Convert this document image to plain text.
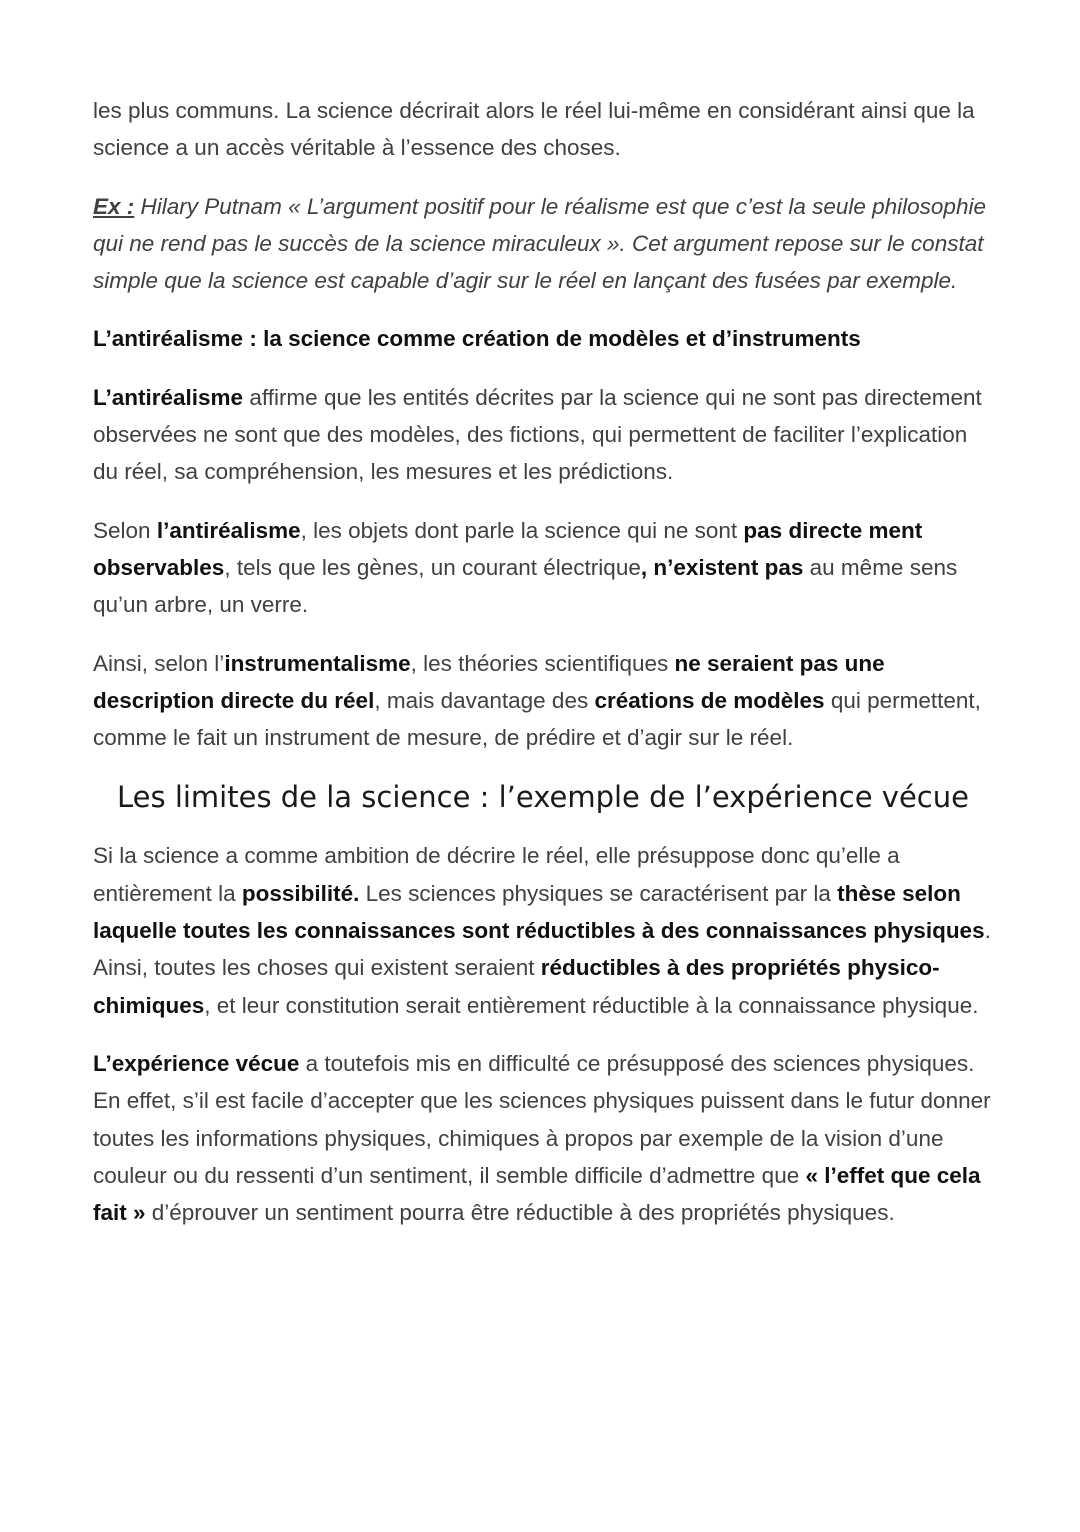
les plus communs. La science décrirait alors le réel lui-même en considérant ainsi que la science a un accès véritable à l’essence des choses.

Ex : Hilary Putnam « L’argument positif pour le réalisme est que c’est la seule philosophie qui ne rend pas le succès de la science miraculeux ». Cet argument repose sur le constat simple que la science est capable d’agir sur le réel en lançant des fusées par exemple.

L’antiréalisme : la science comme création de modèles et d’instruments

L’antiréalisme affirme que les entités décrites par la science qui ne sont pas directement observées ne sont que des modèles, des fictions, qui permettent de faciliter l’explication du réel, sa compréhension, les mesures et les prédictions.

Selon l’antiréalisme, les objets dont parle la science qui ne sont pas directe ment observables, tels que les gènes, un courant électrique, n’existent pas au même sens qu’un arbre, un verre.

Ainsi, selon l’instrumentalisme, les théories scientifiques ne seraient pas une description directe du réel, mais davantage des créations de modèles qui permettent, comme le fait un instrument de mesure, de prédire et d’agir sur le réel.

Les limites de la science : l’exemple de l’expérience vécue

Si la science a comme ambition de décrire le réel, elle présuppose donc qu’elle a entièrement la possibilité. Les sciences physiques se caractérisent par la thèse selon laquelle toutes les connaissances sont réductibles à des connaissances physiques. Ainsi, toutes les choses qui existent seraient réductibles à des propriétés physico-chimiques, et leur constitution serait entièrement réductible à la connaissance physique.

L’expérience vécue a toutefois mis en difficulté ce présupposé des sciences physiques. En effet, s’il est facile d’accepter que les sciences physiques puissent dans le futur donner toutes les informations physiques, chimiques à propos par exemple de la vision d’une couleur ou du ressenti d’un sentiment, il semble difficile d’admettre que « l’effet que cela fait » d’éprouver un sentiment pourra être réductible à des propriétés physiques.
